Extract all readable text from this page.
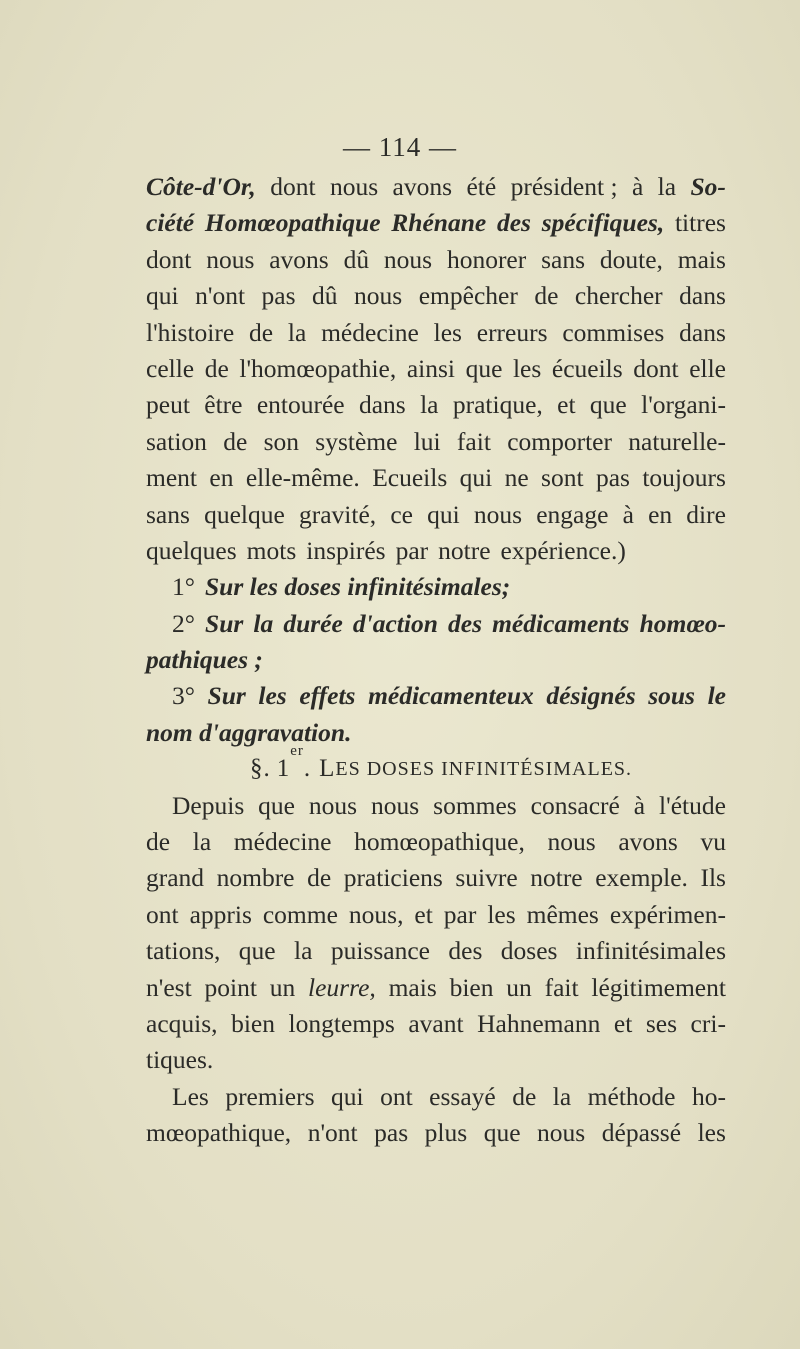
— 114 —
Côte-d'Or, dont nous avons été président ; à la So-
ciété Homœopathique Rhénane des spécifiques, titres
dont nous avons dû nous honorer sans doute, mais
qui n'ont pas dû nous empêcher de chercher dans
l'histoire de la médecine les erreurs commises dans
celle de l'homœopathie, ainsi que les écueils dont elle
peut être entourée dans la pratique, et que l'organi-
sation de son système lui fait comporter naturelle-
ment en elle-même. Ecueils qui ne sont pas toujours
sans quelque gravité, ce qui nous engage à en dire
quelques mots inspirés par notre expérience.)
1° Sur les doses infinitésimales;
2° Sur la durée d'action des médicaments homœo-
pathiques ;
3° Sur les effets médicamenteux désignés sous le
nom d'aggravation.
§. 1
er
. L ES DOSES INFINITÉSIMALES.
Depuis que nous nous sommes consacré à l'étude
de la médecine homœopathique, nous avons vu
grand nombre de praticiens suivre notre exemple. Ils
ont appris comme nous, et par les mêmes expérimen-
tations, que la puissance des doses infinitésimales
n'est point un leurre, mais bien un fait légitimement
acquis, bien longtemps avant Hahnemann et ses cri-
tiques.
Les premiers qui ont essayé de la méthode ho-
mœopathique, n'ont pas plus que nous dépassé les
